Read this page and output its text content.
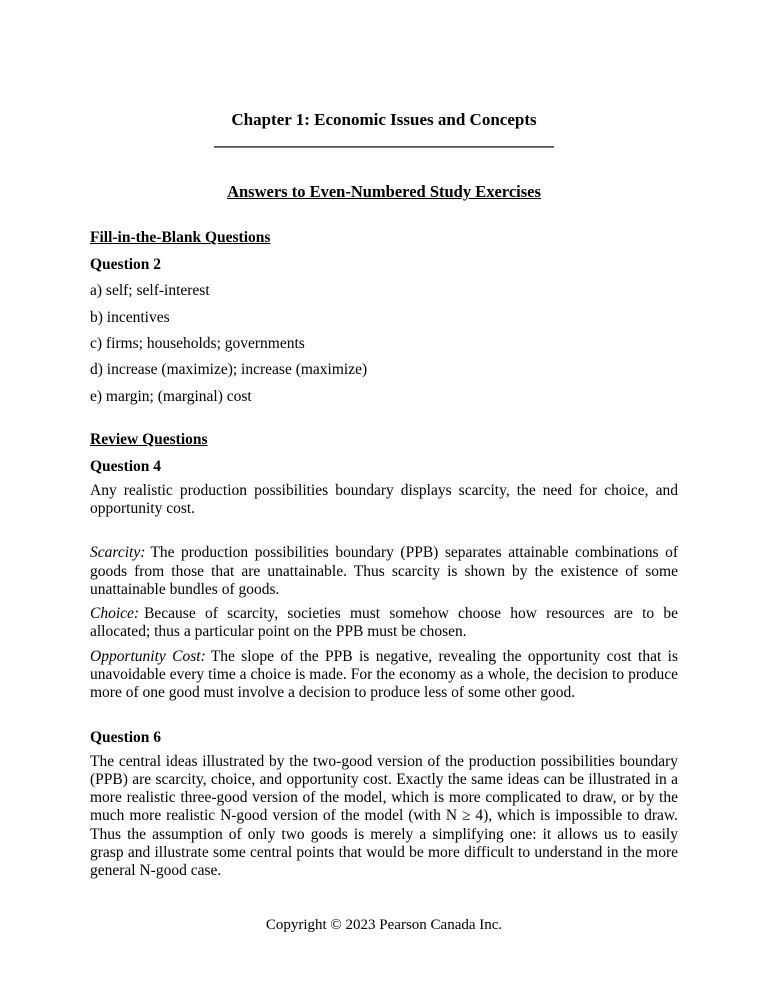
Chapter 1: Economic Issues and Concepts
________________________________________
Answers to Even-Numbered Study Exercises
Fill-in-the-Blank Questions
Question 2

a) self; self-interest

b) incentives

c) firms; households; governments

d) increase (maximize); increase (maximize)

e) margin; (marginal) cost

Review Questions
Question 4

Any realistic production possibilities boundary displays scarcity, the need for choice, and opportunity cost.

Scarcity: The production possibilities boundary (PPB) separates attainable combinations of goods from those that are unattainable. Thus scarcity is shown by the existence of some unattainable bundles of goods.

Choice: Because of scarcity, societies must somehow choose how resources are to be allocated; thus a particular point on the PPB must be chosen.

Opportunity Cost: The slope of the PPB is negative, revealing the opportunity cost that is unavoidable every time a choice is made. For the economy as a whole, the decision to produce more of one good must involve a decision to produce less of some other good.

Question 6

The central ideas illustrated by the two-good version of the production possibilities boundary (PPB) are scarcity, choice, and opportunity cost. Exactly the same ideas can be illustrated in a more realistic three-good version of the model, which is more complicated to draw, or by the much more realistic N-good version of the model (with N ≥ 4), which is impossible to draw. Thus the assumption of only two goods is merely a simplifying one: it allows us to easily grasp and illustrate some central points that would be more difficult to understand in the more general N-good case.

Copyright © 2023 Pearson Canada Inc.
